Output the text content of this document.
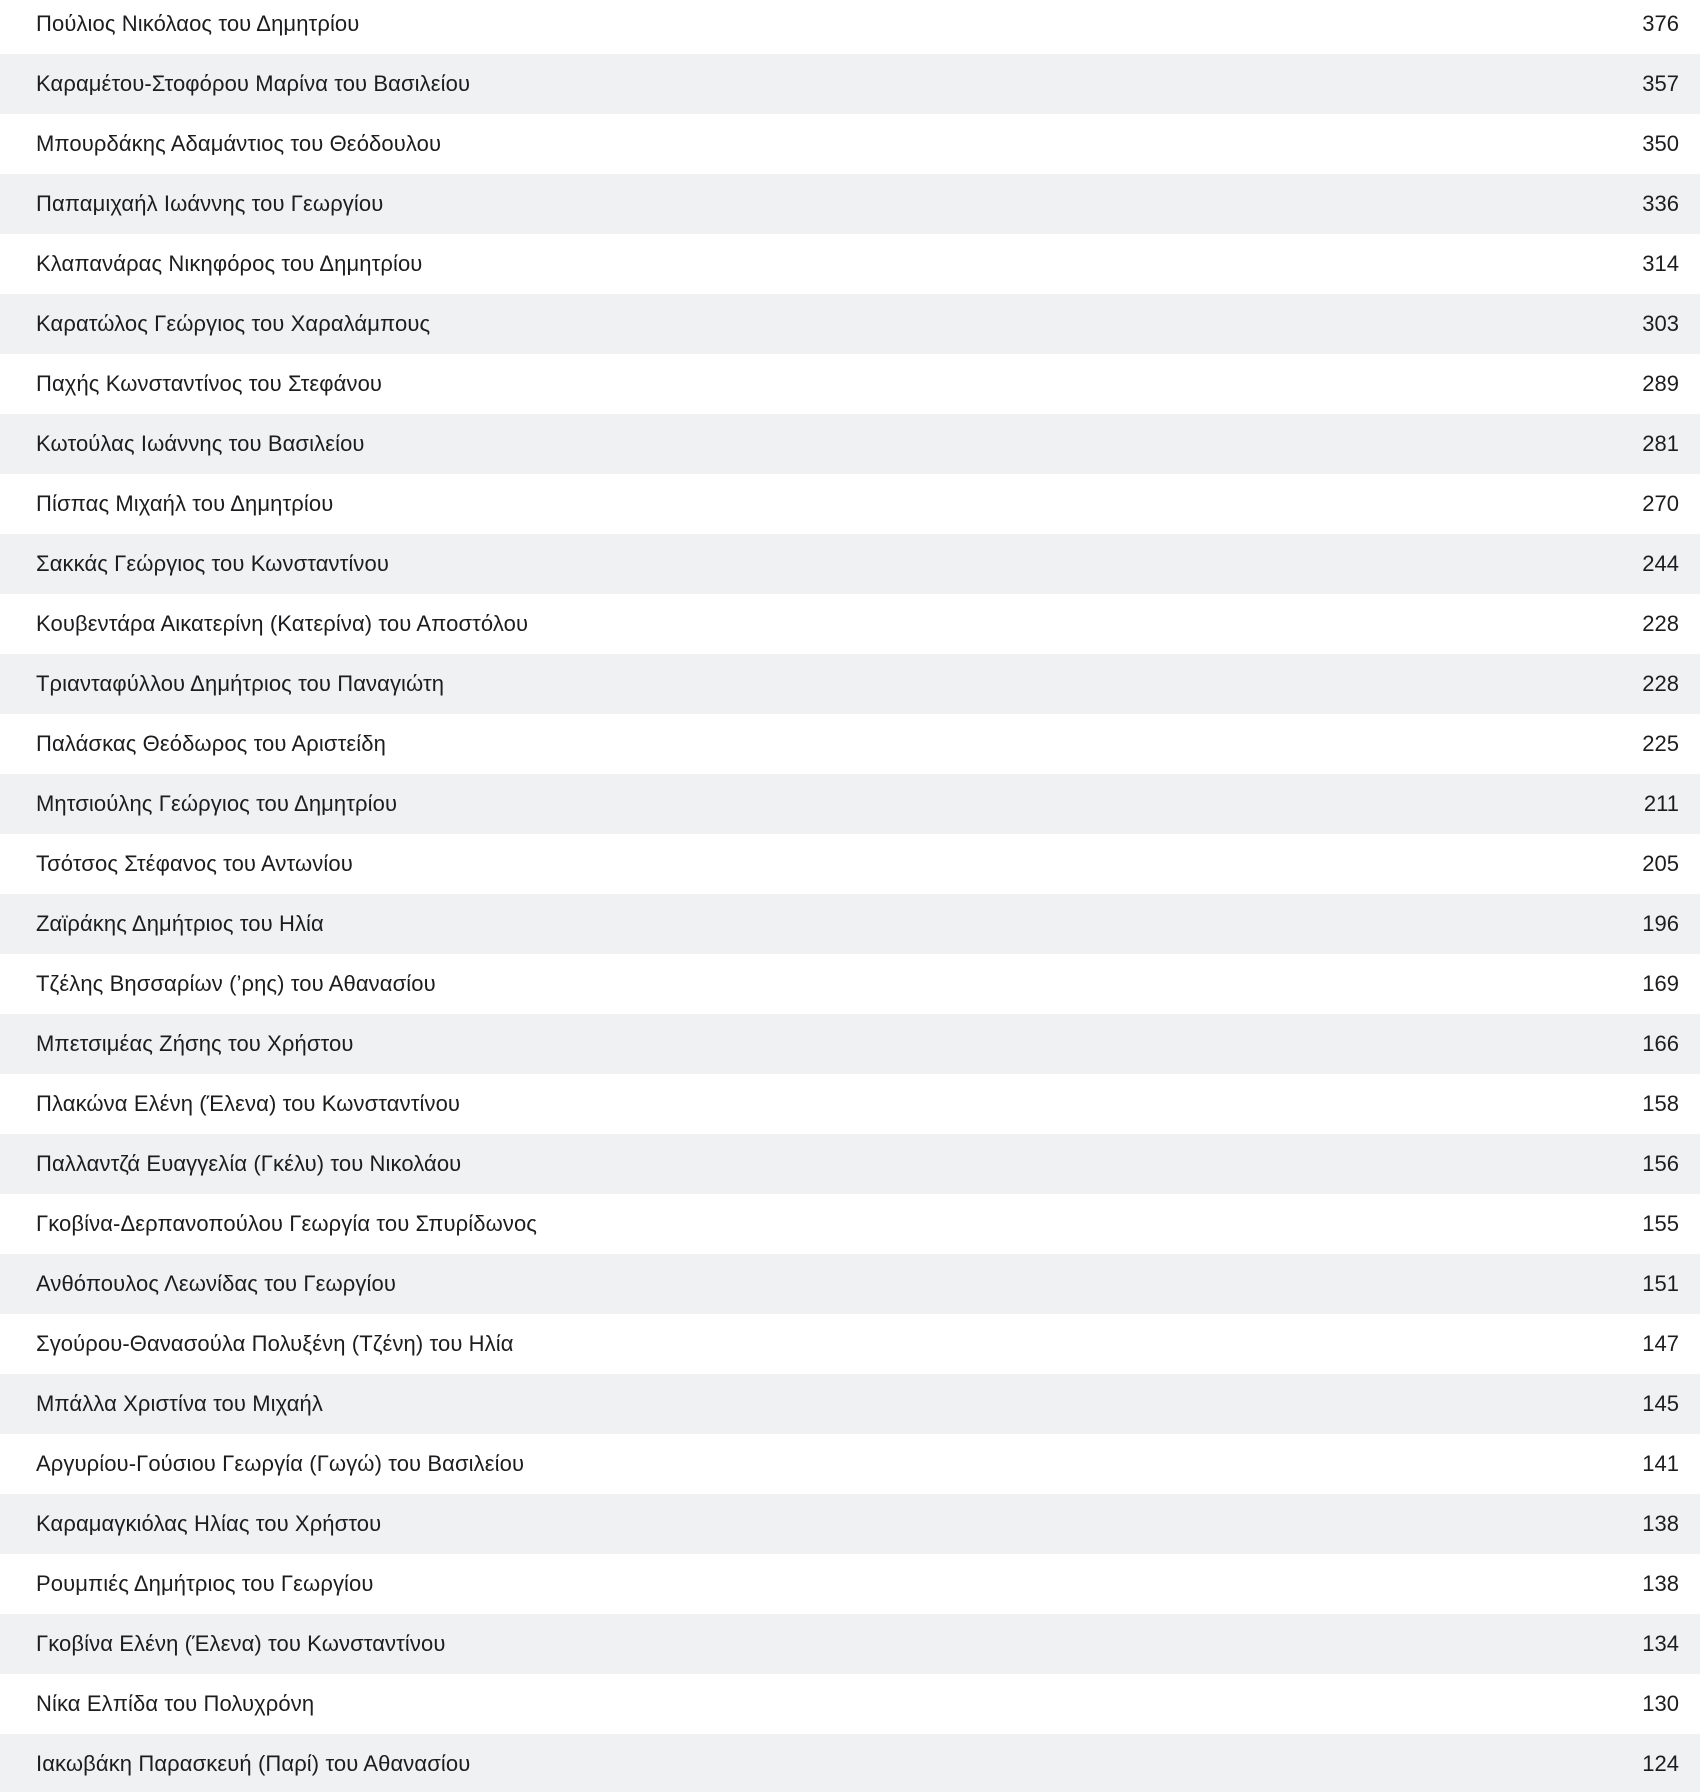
Πούλιος Νικόλαος του Δημητρίου	376
Καραμέτου-Στοφόρου Μαρίνα του Βασιλείου	357
Μπουρδάκης Αδαμάντιος του Θεόδουλου	350
Παπαμιχαήλ Ιωάννης του Γεωργίου	336
Κλαπανάρας Νικηφόρος του Δημητρίου	314
Καρατώλος Γεώργιος του Χαραλάμπους	303
Παχής Κωνσταντίνος του Στεφάνου	289
Κωτούλας Ιωάννης του Βασιλείου	281
Πίσπας Μιχαήλ του Δημητρίου	270
Σακκάς Γεώργιος του Κωνσταντίνου	244
Κουβεντάρα Αικατερίνη (Κατερίνα) του Αποστόλου	228
Τριανταφύλλου Δημήτριος του Παναγιώτη	228
Παλάσκας Θεόδωρος του Αριστείδη	225
Μητσιούλης Γεώργιος του Δημητρίου	211
Τσότσος Στέφανος του Αντωνίου	205
Ζαϊράκης Δημήτριος του Ηλία	196
Τζέλης Βησσαρίων (’ρης) του Αθανασίου	169
Μπετσιμέας Ζήσης του Χρήστου	166
Πλακώνα Ελένη (Έλενα) του Κωνσταντίνου	158
Παλλαντζά Ευαγγελία (Γκέλυ) του Νικολάου	156
Γκοβίνα-Δερπανοπούλου Γεωργία του Σπυρίδωνος	155
Ανθόπουλος Λεωνίδας του Γεωργίου	151
Σγούρου-Θανασούλα Πολυξένη (Τζένη) του Ηλία	147
Μπάλλα Χριστίνα του Μιχαήλ	145
Αργυρίου-Γούσιου Γεωργία (Γωγώ) του Βασιλείου	141
Καραμαγκιόλας Ηλίας του Χρήστου	138
Ρουμπιές Δημήτριος του Γεωργίου	138
Γκοβίνα Ελένη (Έλενα) του Κωνσταντίνου	134
Νίκα Ελπίδα του Πολυχρόνη	130
Ιακωβάκη Παρασκευή (Παρί) του Αθανασίου	124
